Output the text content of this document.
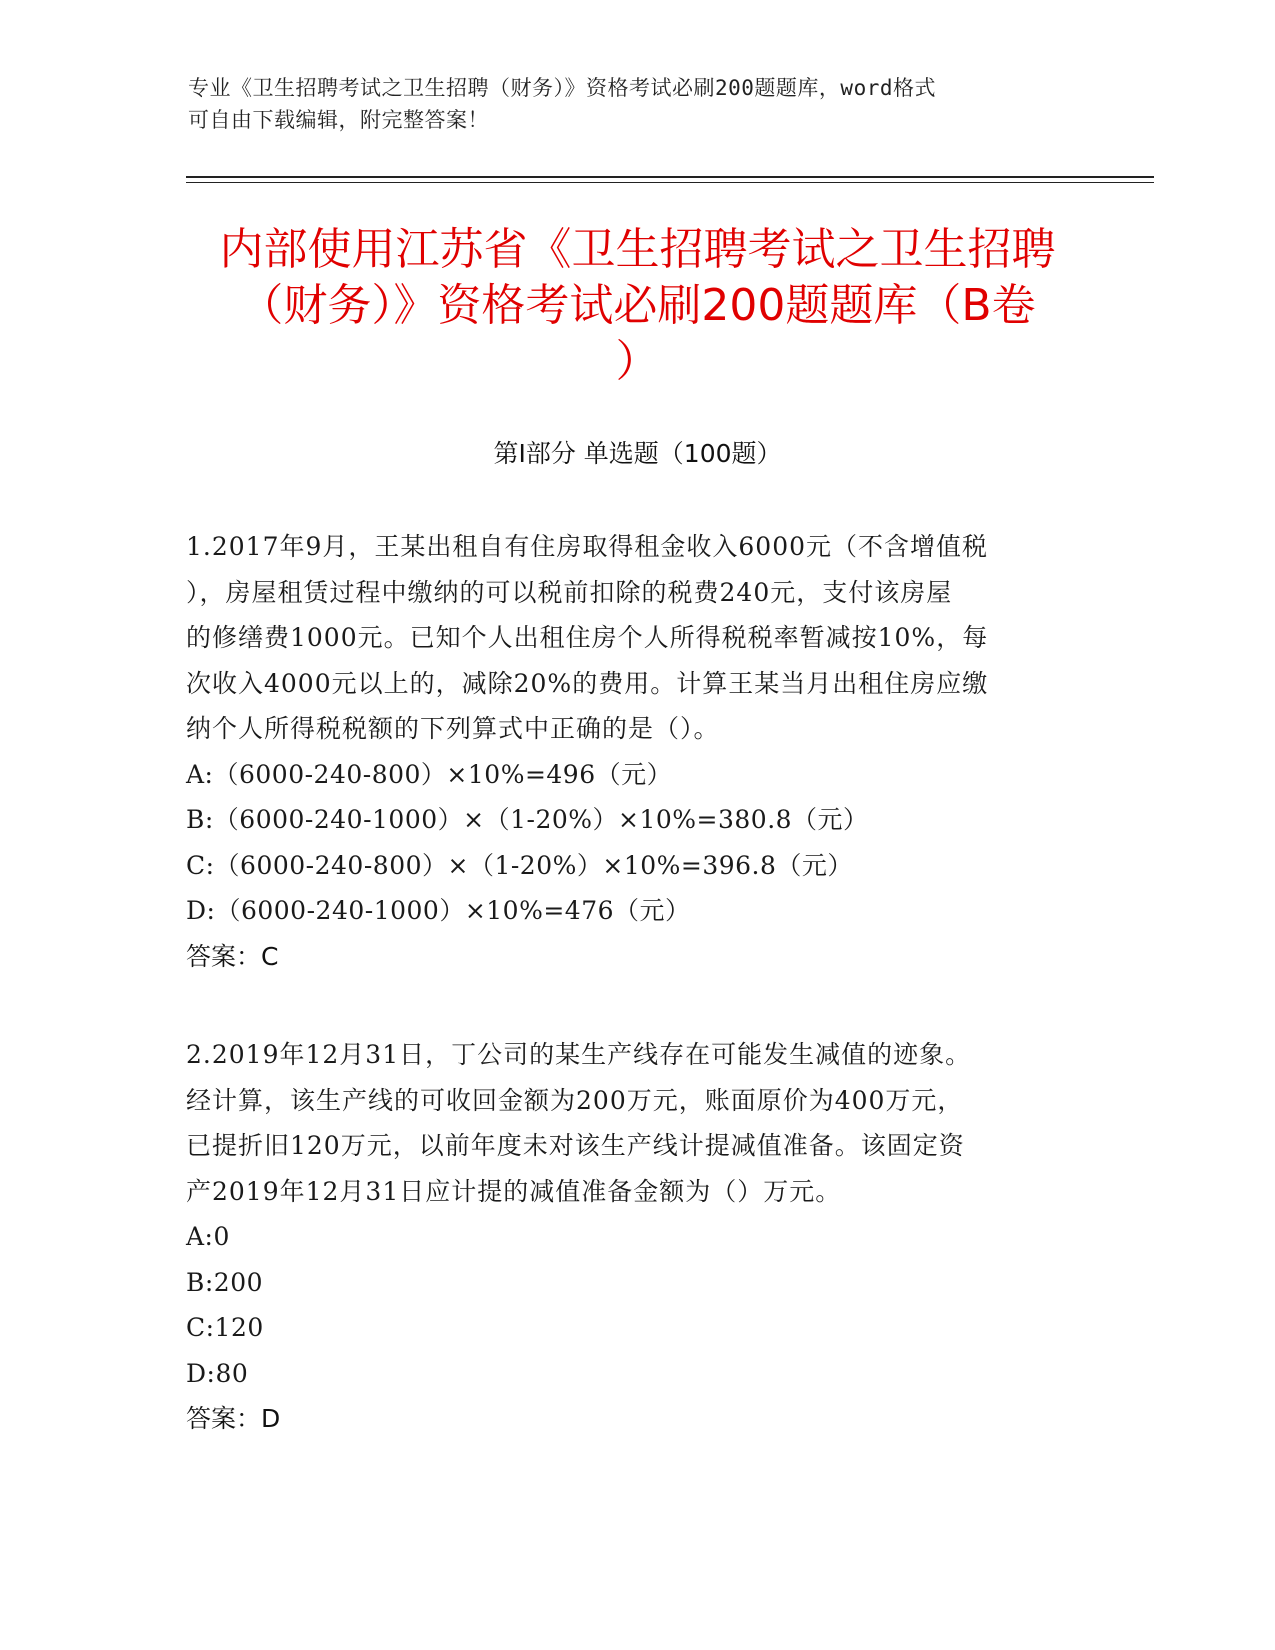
专业《卫生招聘考试之卫生招聘（财务）》资格考试必刷200题题库，word格式
可自由下载编辑，附完整答案！
内部使用江苏省《卫生招聘考试之卫生招聘
（财务）》资格考试必刷200题题库（B卷
）
第Ⅰ部分 单选题（100题）
1.2017年9月，王某出租自有住房取得租金收入6000元（不含增值税
），房屋租赁过程中缴纳的可以税前扣除的税费240元，支付该房屋
的修缮费1000元。已知个人出租住房个人所得税税率暂减按10%，每
次收入4000元以上的，减除20%的费用。计算王某当月出租住房应缴
纳个人所得税税额的下列算式中正确的是（）。
A:（6000-240-800）×10%=496（元）
B:（6000-240-1000）×（1-20%）×10%=380.8（元）
C:（6000-240-800）×（1-20%）×10%=396.8（元）
D:（6000-240-1000）×10%=476（元）
答案：C
2.2019年12月31日，丁公司的某生产线存在可能发生减值的迹象。
经计算，该生产线的可收回金额为200万元，账面原价为400万元，
已提折旧120万元，以前年度未对该生产线计提减值准备。该固定资
产2019年12月31日应计提的减值准备金额为（）万元。
A:0
B:200
C:120
D:80
答案：D
